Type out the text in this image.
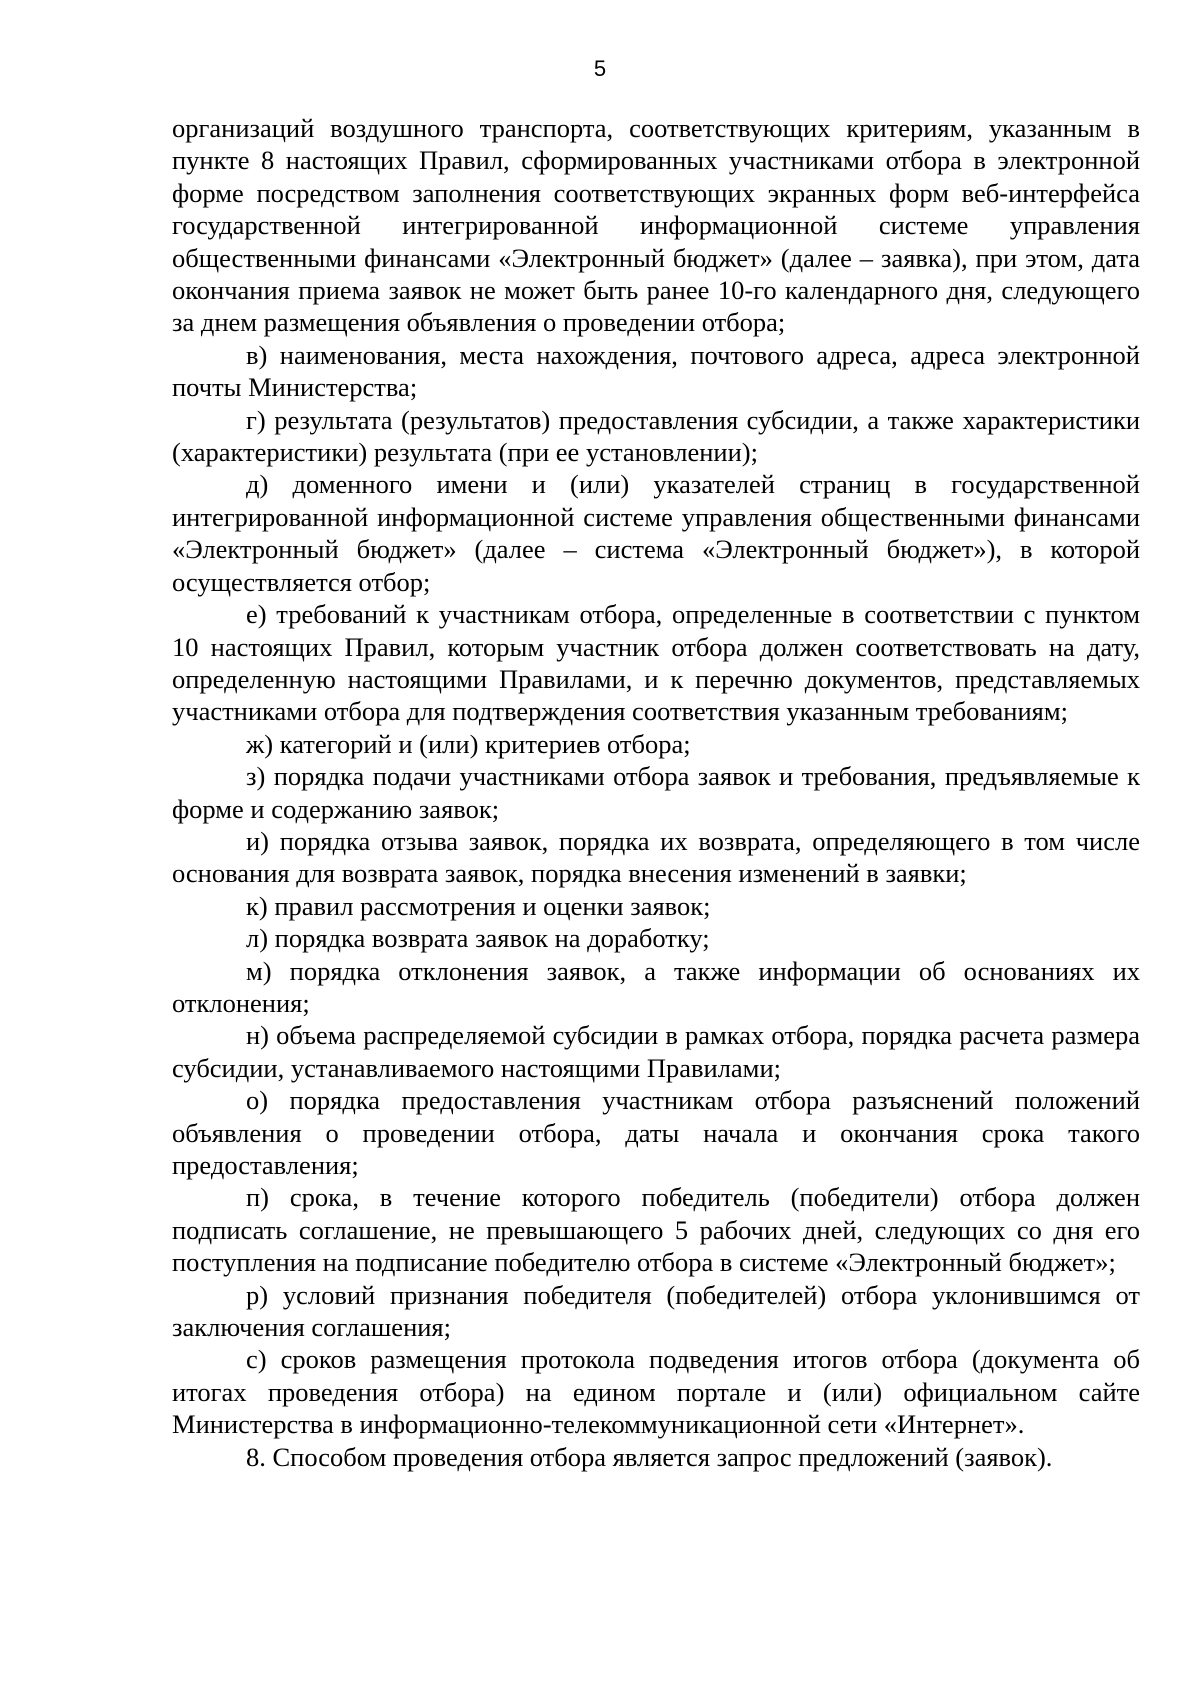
5

организаций воздушного транспорта, соответствующих критериям, указанным в пункте 8 настоящих Правил, сформированных участниками отбора в электронной форме посредством заполнения соответствующих экранных форм веб-интерфейса государственной интегрированной информационной системе управления общественными финансами «Электронный бюджет» (далее – заявка), при этом, дата окончания приема заявок не может быть ранее 10-го календарного дня, следующего за днем размещения объявления о проведении отбора;

в) наименования, места нахождения, почтового адреса, адреса электронной почты Министерства;

г) результата (результатов) предоставления субсидии, а также характеристики (характеристики) результата (при ее установлении);

д) доменного имени и (или) указателей страниц в государственной интегрированной информационной системе управления общественными финансами «Электронный бюджет» (далее – система «Электронный бюджет»), в которой осуществляется отбор;

е) требований к участникам отбора, определенные в соответствии с пунктом 10 настоящих Правил, которым участник отбора должен соответствовать на дату, определенную настоящими Правилами, и к перечню документов, представляемых участниками отбора для подтверждения соответствия указанным требованиям;

ж) категорий и (или) критериев отбора;

з) порядка подачи участниками отбора заявок и требования, предъявляемые к форме и содержанию заявок;

и) порядка отзыва заявок, порядка их возврата, определяющего в том числе основания для возврата заявок, порядка внесения изменений в заявки;

к) правил рассмотрения и оценки заявок;

л) порядка возврата заявок на доработку;

м) порядка отклонения заявок, а также информации об основаниях их отклонения;

н) объема распределяемой субсидии в рамках отбора, порядка расчета размера субсидии, устанавливаемого настоящими Правилами;

о) порядка предоставления участникам отбора разъяснений положений объявления о проведении отбора, даты начала и окончания срока такого предоставления;

п) срока, в течение которого победитель (победители) отбора должен подписать соглашение, не превышающего 5 рабочих дней, следующих со дня его поступления на подписание победителю отбора в системе «Электронный бюджет»;

р) условий признания победителя (победителей) отбора уклонившимся от заключения соглашения;

с) сроков размещения протокола подведения итогов отбора (документа об итогах проведения отбора) на едином портале и (или) официальном сайте Министерства в информационно-телекоммуникационной сети «Интернет».

8. Способом проведения отбора является запрос предложений (заявок).
